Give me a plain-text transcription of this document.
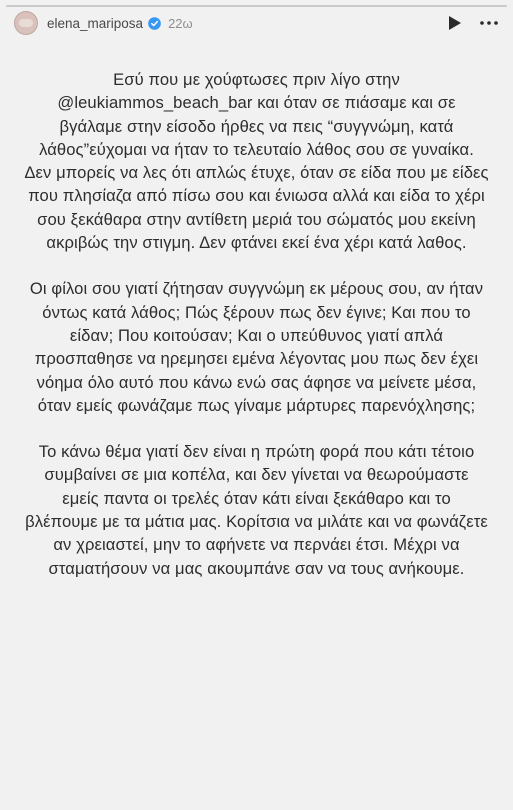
elena_mariposa 22ω

Εσύ που με χούφτωσες πριν λίγο στην @leukiammos_beach_bar και όταν σε πιάσαμε και σε βγάλαμε στην είσοδο ήρθες να πεις “συγγνώμη, κατά λάθος”εύχομαι να ήταν το τελευταίο λάθος σου σε γυναίκα. Δεν μπορείς να λες ότι απλώς έτυχε, όταν σε είδα που με είδες που πλησίαζα από πίσω σου και ένιωσα αλλά και είδα το χέρι σου ξεκάθαρα στην αντίθετη μεριά του σώματός μου εκείνη ακριβώς την στιγμη. Δεν φτάνει εκεί ένα χέρι κατά λαθος.

Οι φίλοι σου γιατί ζήτησαν συγγνώμη εκ μέρους σου, αν ήταν όντως κατά λάθος; Πώς ξέρουν πως δεν έγινε; Και που το είδαν; Που κοιτούσαν; Και ο υπεύθυνος γιατί απλά προσπαθησε να ηρεμησει εμένα λέγοντας μου πως δεν έχει νόημα όλο αυτό που κάνω ενώ σας άφησε να μείνετε μέσα, όταν εμείς φωνάζαμε πως γίναμε μάρτυρες παρενόχλησης;

Το κάνω θέμα γιατί δεν είναι η πρώτη φορά που κάτι τέτοιο συμβαίνει σε μια κοπέλα, και δεν γίνεται να θεωρούμαστε εμείς παντα οι τρελές όταν κάτι είναι ξεκάθαρο και το βλέπουμε με τα μάτια μας. Κορίτσια να μιλάτε και να φωνάζετε αν χρειαστεί, μην το αφήνετε να περνάει έτσι. Μέχρι να σταματήσουν να μας ακουμπάνε σαν να τους ανήκουμε.
